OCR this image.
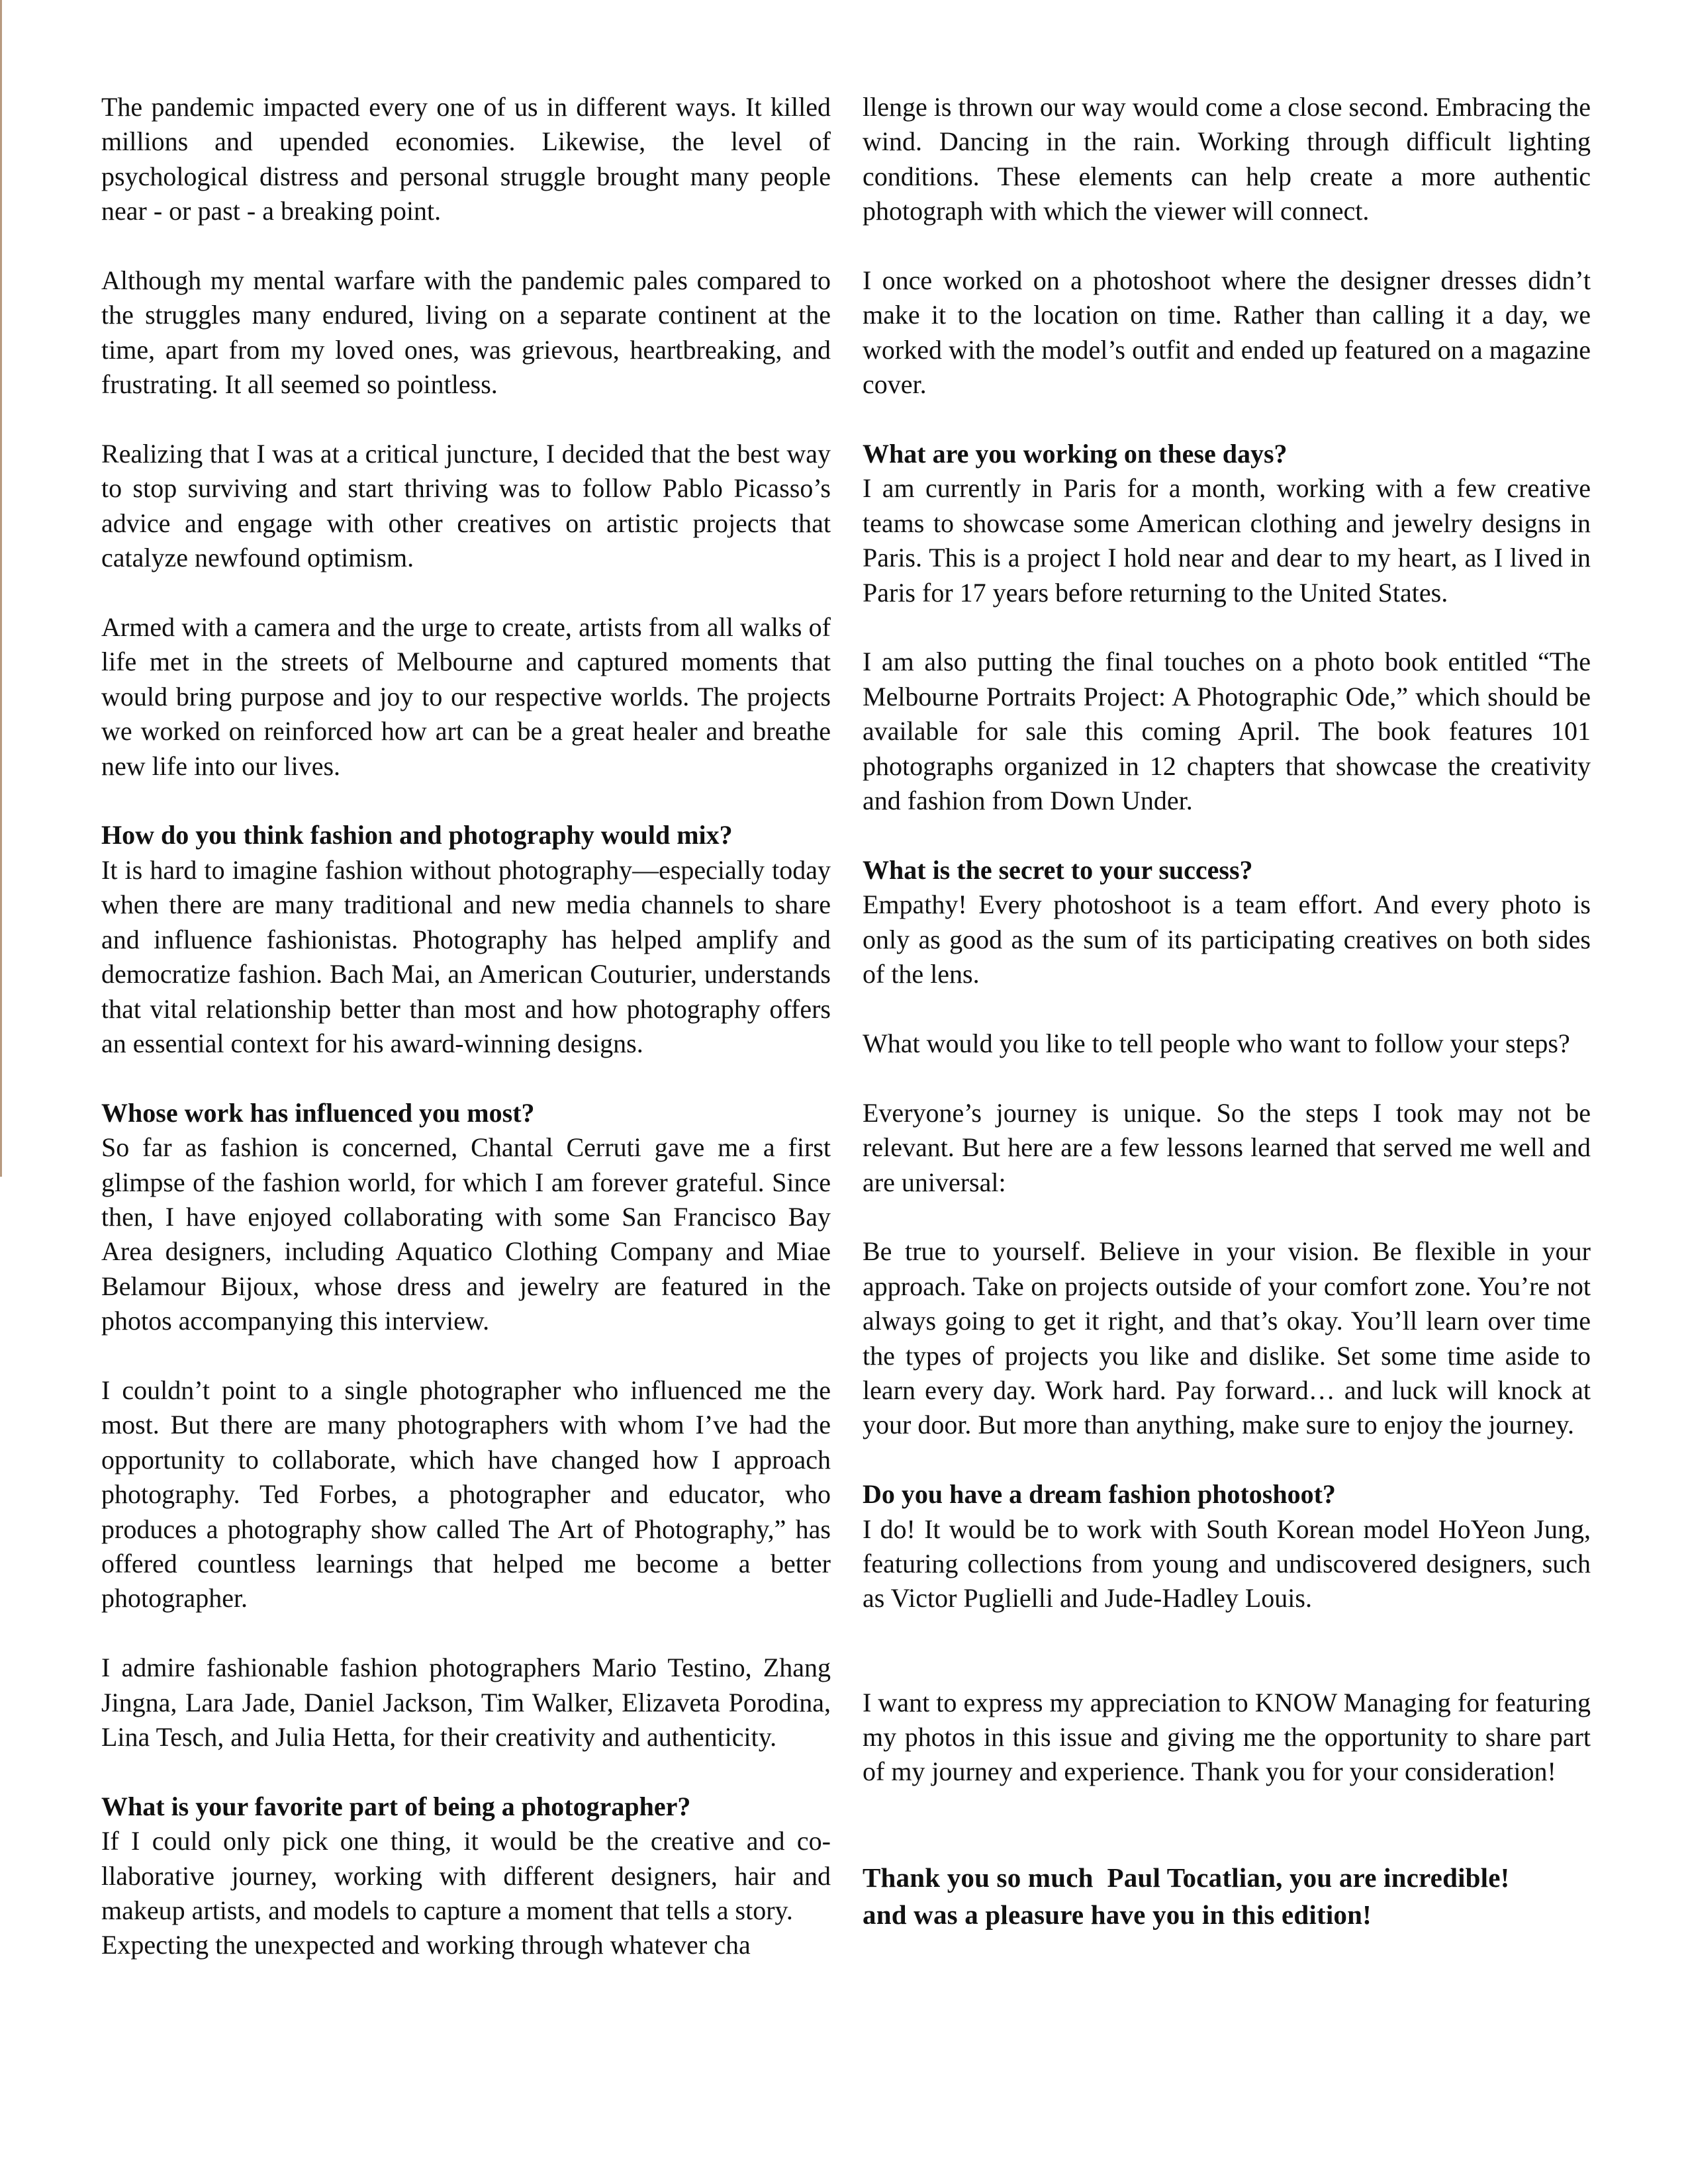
The pandemic impacted every one of us in different ways. It killed millions and upended economies. Likewise, the level of psychological distress and personal struggle brought many people near - or past - a breaking point.

Although my mental warfare with the pandemic pales compared to the struggles many endured, living on a separate continent at the time, apart from my loved ones, was grievous, heartbreaking, and frustrating. It all seemed so pointless.

Realizing that I was at a critical juncture, I decided that the best way to stop surviving and start thriving was to follow Pablo Picasso’s advice and engage with other creatives on artistic projects that catalyze newfound optimism.

Armed with a camera and the urge to create, artists from all walks of life met in the streets of Melbourne and captured moments that would bring purpose and joy to our respective worlds. The projects we worked on reinforced how art can be a great healer and breathe new life into our lives.

How do you think fashion and photography would mix?

It is hard to imagine fashion without photography—especially today when there are many traditional and new media channels to share and influence fashionistas. Photography has helped amplify and democratize fashion. Bach Mai, an American Couturier, understands that vital relationship better than most and how photography offers an essential context for his award-winning designs.

Whose work has influenced you most?

So far as fashion is concerned, Chantal Cerruti gave me a first glimpse of the fashion world, for which I am forever grateful. Since then, I have enjoyed collaborating with some San Francisco Bay Area designers, including Aquatico Clothing Company and Miae Belamour Bijoux, whose dress and jewelry are featured in the photos accompanying this interview.

I couldn’t point to a single photographer who influenced me the most. But there are many photographers with whom I’ve had the opportunity to collaborate, which have changed how I approach photography. Ted Forbes, a photographer and educator, who produces a photography show called The Art of Photography,” has offered countless learnings that helped me become a better photographer.

I admire fashionable fashion photographers Mario Testino, Zhang Jingna, Lara Jade, Daniel Jackson, Tim Walker, Elizaveta Porodina, Lina Tesch, and Julia Hetta, for their creativity and authenticity.

What is your favorite part of being a photographer?

If I could only pick one thing, it would be the creative and collaborative journey, working with different designers, hair and makeup artists, and models to capture a moment that tells a story.

Expecting the unexpected and working through whatever cha

llenge is thrown our way would come a close second. Embracing the wind. Dancing in the rain. Working through difficult lighting conditions. These elements can help create a more authentic photograph with which the viewer will connect.

I once worked on a photoshoot where the designer dresses didn’t make it to the location on time. Rather than calling it a day, we worked with the model’s outfit and ended up featured on a magazine cover.

What are you working on these days?

I am currently in Paris for a month, working with a few creative teams to showcase some American clothing and jewelry designs in Paris. This is a project I hold near and dear to my heart, as I lived in Paris for 17 years before returning to the United States.

I am also putting the final touches on a photo book entitled “The Melbourne Portraits Project: A Photographic Ode,” which should be available for sale this coming April. The book features 101 photographs organized in 12 chapters that showcase the creativity and fashion from Down Under.

What is the secret to your success?

Empathy! Every photoshoot is a team effort. And every photo is only as good as the sum of its participating creatives on both sides of the lens.

What would you like to tell people who want to follow your steps?

Everyone’s journey is unique. So the steps I took may not be relevant. But here are a few lessons learned that served me well and are universal:

Be true to yourself. Believe in your vision. Be flexible in your approach. Take on projects outside of your comfort zone. You’re not always going to get it right, and that’s okay. You’ll learn over time the types of projects you like and dislike. Set some time aside to learn every day. Work hard. Pay forward… and luck will knock at your door. But more than anything, make sure to enjoy the journey.

Do you have a dream fashion photoshoot?

I do! It would be to work with South Korean model HoYeon Jung, featuring collections from young and undiscovered designers, such as Victor Puglielli and Jude-Hadley Louis.

I want to express my appreciation to KNOW Managing for featuring my photos in this issue and giving me the opportunity to share part of my journey and experience. Thank you for your consideration!

Thank you so much  Paul Tocatlian, you are incredible!
and was a pleasure have you in this edition!
